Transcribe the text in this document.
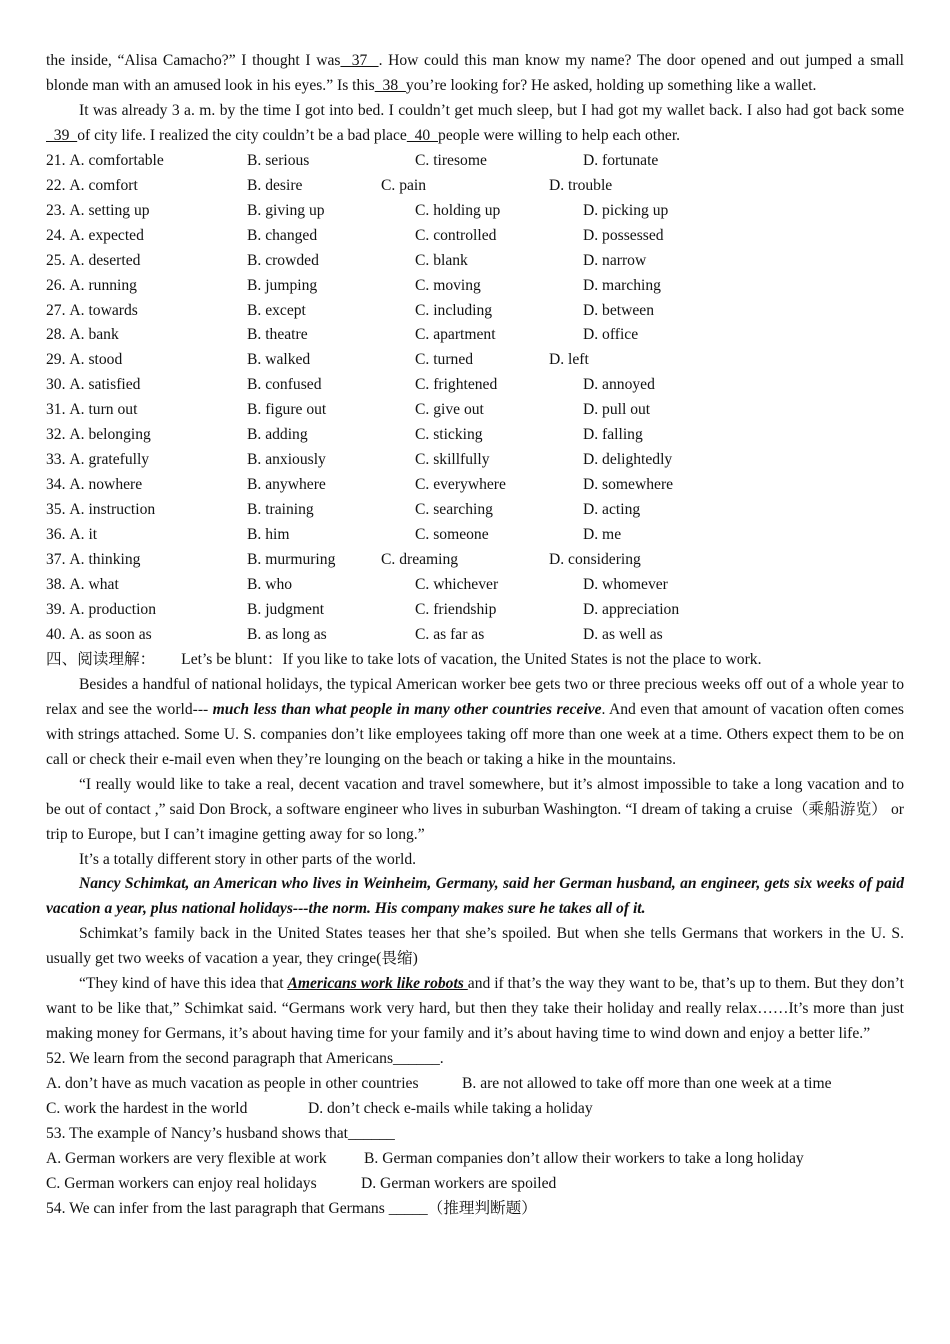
the inside, “Alisa Camacho?” I thought I was  37  . How could this man know my name? The door opened and out jumped a small blonde man with an amused look in his eyes.” Is this  38  you’re looking for? He asked, holding up something like a wallet.

It was already 3 a. m. by the time I got into bed. I couldn’t get much sleep, but I had got my wallet back. I also had got back some  39  of city life. I realized the city couldn’t be a bad place  40  people were willing to help each other.

21. A. comfortable	B. serious	C. tiresome	D. fortunate
22. A. comfort	B. desire	C. pain	D. trouble
23. A. setting up	B. giving up	C. holding up	D. picking up
24. A. expected	B. changed	C. controlled	D. possessed
25. A. deserted	B. crowded	C. blank	D. narrow
26. A. running	B. jumping	C. moving	D. marching
27. A. towards	B. except	C. including	D. between
28. A. bank	B. theatre	C. apartment	D. office
29. A. stood	B. walked	C. turned	D. left
30. A. satisfied	B. confused	C. frightened	D. annoyed
31. A. turn out	B. figure out	C. give out	D. pull out
32. A. belonging	B. adding	C. sticking	D. falling
33. A. gratefully	B. anxiously	C. skillfully	D. delightedly
34. A. nowhere	B. anywhere	C. everywhere	D. somewhere
35. A. instruction	B. training	C. searching	D. acting
36. A. it	B. him	C. someone	D. me
37. A. thinking	B. murmuring	C. dreaming	D. considering
38. A. what	B. who	C. whichever	D. whomever
39. A. production	B. judgment	C. friendship	D. appreciation
40. A. as soon as	B. as long as	C. as far as	D. as well as

四、阅读理解： Let’s be blunt：If you like to take lots of vacation, the United States is not the place to work.

Besides a handful of national holidays, the typical American worker bee gets two or three precious weeks off out of a whole year to relax and see the world--- much less than what people in many other countries receive. And even that amount of vacation often comes with strings attached. Some U. S. companies don’t like employees taking off more than one week at a time. Others expect them to be on call or check their e-mail even when they’re lounging on the beach or taking a hike in the mountains.

“I really would like to take a real, decent vacation and travel somewhere, but it’s almost impossible to take a long vacation and to be out of contact ,” said Don Brock, a software engineer who lives in suburban Washington. “I dream of taking a cruise（乘船游览） or trip to Europe, but I can’t imagine getting away for so long.”

It’s a totally different story in other parts of the world.

Nancy Schimkat, an American who lives in Weinheim, Germany, said her German husband, an engineer, gets six weeks of paid vacation a year, plus national holidays---the norm. His company makes sure he takes all of it.

Schimkat’s family back in the United States teases her that she’s spoiled. But when she tells Germans that workers in the U. S. usually get two weeks of vacation a year, they cringe(畏缩)

“They kind of have this idea that Americans work like robots and if that’s the way they want to be, that’s up to them. But they don’t want to be like that,” Schimkat said. “Germans work very hard, but then they take their holiday and really relax……It’s more than just making money for Germans, it’s about having time for your family and it’s about having time to wind down and enjoy a better life.”

52. We learn from the second paragraph that Americans______.

A. don’t have as much vacation as people in other countries	B. are not allowed to take off more than one week at a time
C. work the hardest in the world	D. don’t check e-mails while taking a holiday

53. The example of Nancy’s husband shows that______

A. German workers are very flexible at work B. German companies don’t allow their workers to take a long holiday
C. German workers can enjoy real holidays	D. German workers are spoiled

54. We can infer from the last paragraph that Germans _____（推理判断题）
